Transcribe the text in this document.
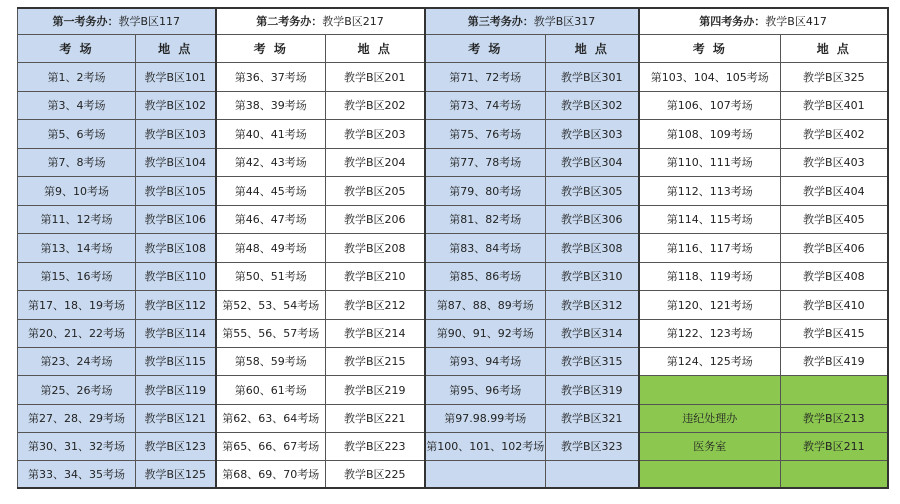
第一考务办：教学B区117		第二考务办：教学B区217		第三考务办：教学B区317		第四考务办：教学B区417	
考 场	地 点	考 场	地 点	考 场	地 点	考 场	地 点
第1、2考场	教学B区101	第36、37考场	教学B区201	第71、72考场	教学B区301	第103、104、105考场	教学B区325
第3、4考场	教学B区102	第38、39考场	教学B区202	第73、74考场	教学B区302	第106、107考场	教学B区401
第5、6考场	教学B区103	第40、41考场	教学B区203	第75、76考场	教学B区303	第108、109考场	教学B区402
第7、8考场	教学B区104	第42、43考场	教学B区204	第77、78考场	教学B区304	第110、111考场	教学B区403
第9、10考场	教学B区105	第44、45考场	教学B区205	第79、80考场	教学B区305	第112、113考场	教学B区404
第11、12考场	教学B区106	第46、47考场	教学B区206	第81、82考场	教学B区306	第114、115考场	教学B区405
第13、14考场	教学B区108	第48、49考场	教学B区208	第83、84考场	教学B区308	第116、117考场	教学B区406
第15、16考场	教学B区110	第50、51考场	教学B区210	第85、86考场	教学B区310	第118、119考场	教学B区408
第17、18、19考场	教学B区112	第52、53、54考场	教学B区212	第87、88、89考场	教学B区312	第120、121考场	教学B区410
第20、21、22考场	教学B区114	第55、56、57考场	教学B区214	第90、91、92考场	教学B区314	第122、123考场	教学B区415
第23、24考场	教学B区115	第58、59考场	教学B区215	第93、94考场	教学B区315	第124、125考场	教学B区419
第25、26考场	教学B区119	第60、61考场	教学B区219	第95、96考场	教学B区319		
第27、28、29考场	教学B区121	第62、63、64考场	教学B区221	第97.98.99考场	教学B区321	违纪处理办	教学B区213
第30、31、32考场	教学B区123	第65、66、67考场	教学B区223	第100、101、102考场	教学B区323	医务室	教学B区211
第33、34、35考场	教学B区125	第68、69、70考场	教学B区225				
